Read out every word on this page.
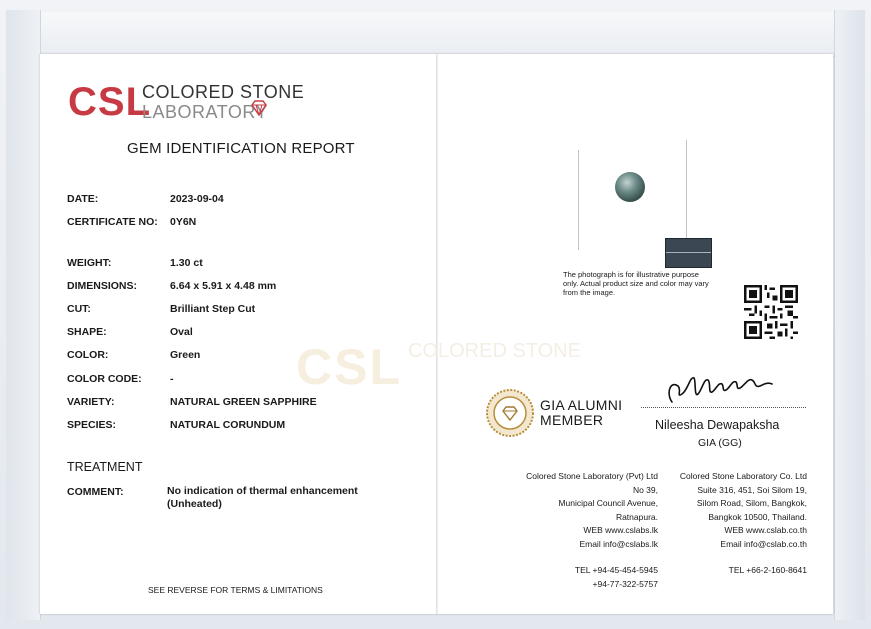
CSL COLORED STONE
CSL
COLORED STONE
LABORATORY
GEM IDENTIFICATION REPORT
DATE:	2023-09-04
CERTIFICATE NO: 0Y6N
WEIGHT:	1.30 ct
DIMENSIONS:	6.64 x 5.91 x 4.48 mm
CUT:	Brilliant Step Cut
SHAPE:	Oval
COLOR:	Green
COLOR CODE:	-
VARIETY:	NATURAL GREEN SAPPHIRE
SPECIES:	NATURAL CORUNDUM
TREATMENT
COMMENT:	No indication of thermal enhancement
(Unheated)
SEE REVERSE FOR TERMS & LIMITATIONS
The photograph is for illustrative purpose only. Actual product size and color may vary from the image.
GIA ALUMNI
MEMBER	Nileesha Dewapaksha
GIA (GG)
Colored Stone Laboratory (Pvt) Ltd
No 39,
Municipal Council Avenue,
Ratnapura.
WEB www.cslabs.lk
Email info@cslabs.lk
TEL +94-45-454-5945
+94-77-322-5757
Colored Stone Laboratory Co. Ltd
Suite 316, 451, Soi Silom 19,
Silom Road, Silom, Bangkok,
Bangkok 10500, Thailand.
WEB www.cslab.co.th
Email info@cslab.co.th
TEL +66-2-160-8641
